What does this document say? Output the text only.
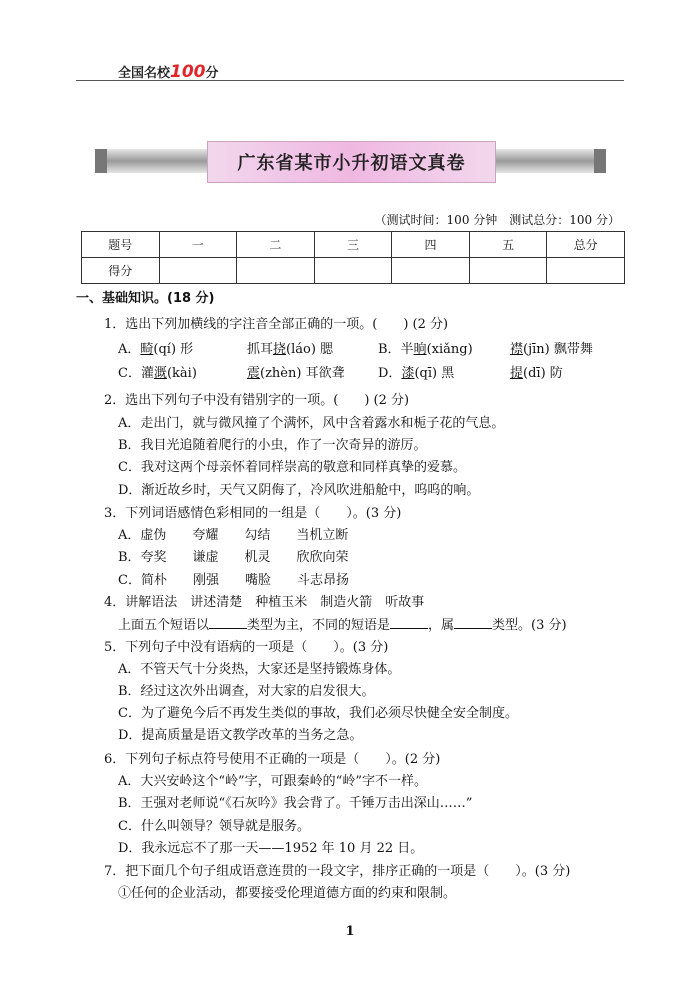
全国名校100分
广东省某市小升初语文真卷
（测试时间：100 分钟　测试总分：100 分）
题号	一	二	三	四	五	总分
得分						
一、基础知识。(18 分)
1．选出下列加横线的字注音全部正确的一项。(　　) (2 分)
A．畸(qí) 形	抓耳挠(láo) 腮	B．半晌(xiǎng)	襟(jīn) 飘带舞
C．灌溉(kài)	震(zhèn) 耳欲聋	D．漆(qī) 黑	提(dī) 防
2．选出下列句子中没有错别字的一项。(　　) (2 分)
A．走出门，就与微风撞了个满怀，风中含着露水和栀子花的气息。
B．我目光追随着爬行的小虫，作了一次奇异的游厉。
C．我对这两个母亲怀着同样崇高的敬意和同样真挚的爱慕。
D．渐近故乡时，天气又阴侮了，冷风吹进船舱中，呜呜的响。
3．下列词语感情色彩相同的一组是（　　）。(3 分)
A．虚伪　　夸耀　　勾结　　当机立断
B．夸奖　　谦虚　　机灵　　欣欣向荣
C．简朴　　刚强　　嘴脸　　斗志昂扬
4．讲解语法　讲述清楚　种植玉米　制造火箭　听故事
上面五个短语以	类型为主，不同的短语是	，属	类型。(3 分)
5．下列句子中没有语病的一项是（　　）。(3 分)
A．不管天气十分炎热，大家还是坚持锻炼身体。
B．经过这次外出调查，对大家的启发很大。
C．为了避免今后不再发生类似的事故，我们必须尽快健全安全制度。
D．提高质量是语文教学改革的当务之急。
6．下列句子标点符号使用不正确的一项是（　　）。(2 分)
A．大兴安岭这个“岭”字，可跟秦岭的“岭”字不一样。
B．王强对老师说“《石灰吟》我会背了。千锤万击出深山……”
C．什么叫领导？领导就是服务。
D．我永远忘不了那一天——1952 年 10 月 22 日。
7．把下面几个句子组成语意连贯的一段文字，排序正确的一项是（　　）。(3 分)
①任何的企业活动，都要接受伦理道德方面的约束和限制。
1
